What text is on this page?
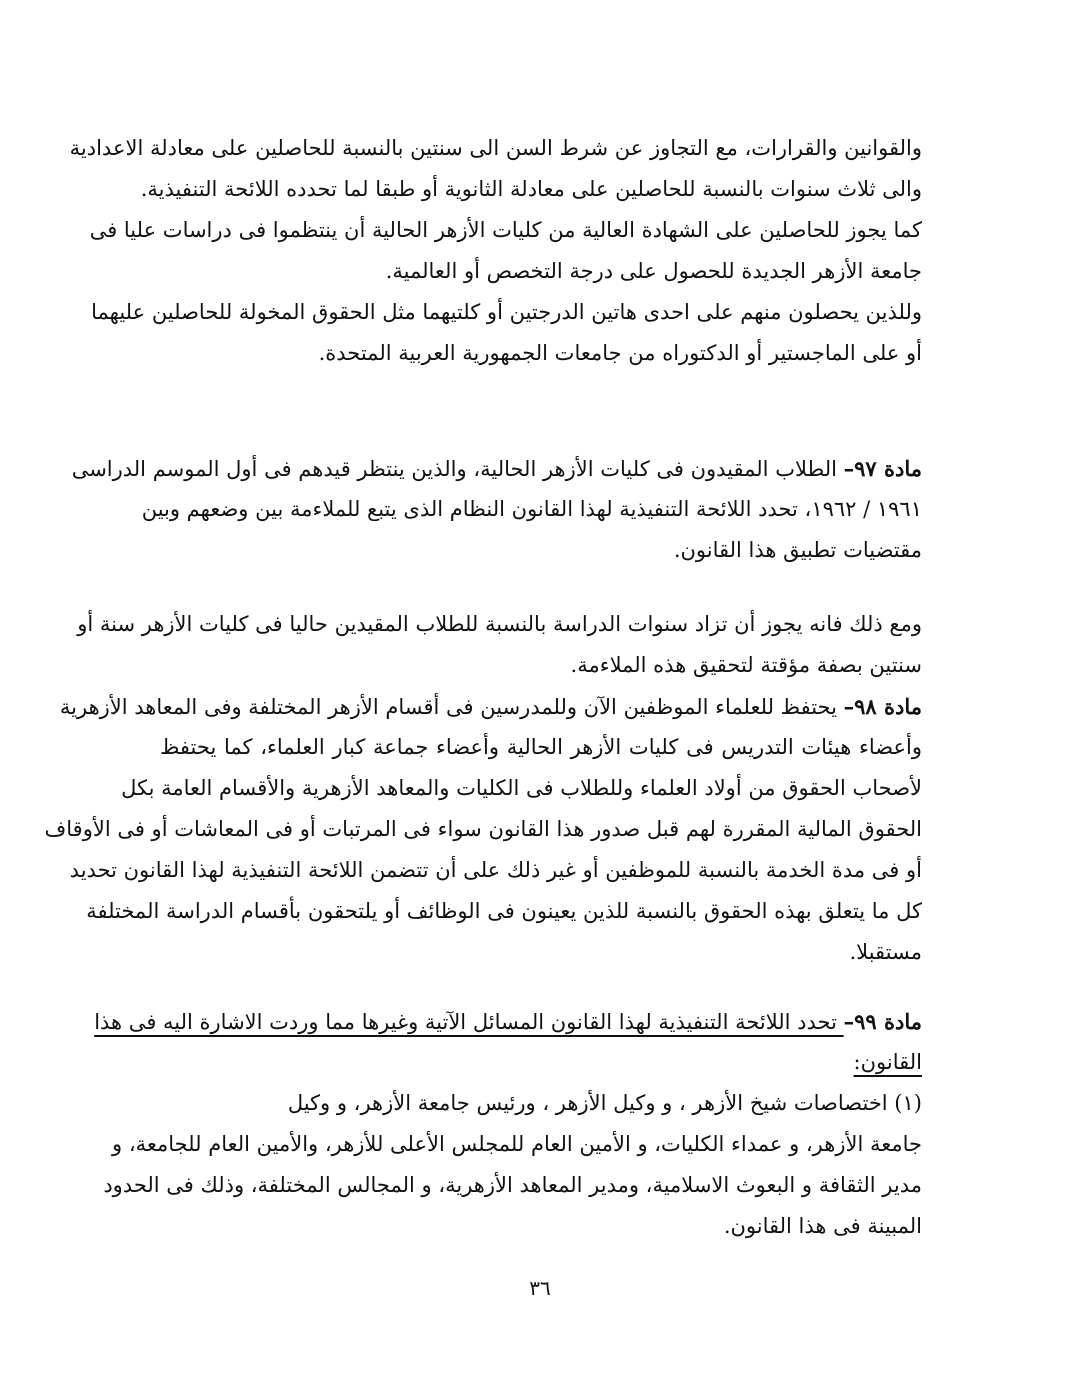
والقوانين والقرارات، مع التجاوز عن شرط السن الى سنتين بالنسبة للحاصلين على معادلة الاعدادية
والى ثلاث سنوات بالنسبة للحاصلين على معادلة الثانوية أو طبقا لما تحدده اللائحة التنفيذية.
كما يجوز للحاصلين على الشهادة العالية من كليات الأزهر الحالية أن ينتظموا فى دراسات عليا فى
جامعة الأزهر الجديدة للحصول على درجة التخصص أو العالمية.
وللذين يحصلون منهم على احدى هاتين الدرجتين أو كلتيهما مثل الحقوق المخولة للحاصلين عليهما
أو على الماجستير أو الدكتوراه من جامعات الجمهورية العربية المتحدة.
مادة ٩٧– الطلاب المقيدون فى كليات الأزهر الحالية، والذين ينتظر قيدهم فى أول الموسم الدراسى
١٩٦١ / ١٩٦٢، تحدد اللائحة التنفيذية لهذا القانون النظام الذى يتبع للملاءمة بين وضعهم وبين
مقتضيات تطبيق هذا القانون.
ومع ذلك فانه يجوز أن تزاد سنوات الدراسة بالنسبة للطلاب المقيدين حاليا فى كليات الأزهر سنة أو
سنتين بصفة مؤقتة لتحقيق هذه الملاءمة.
مادة ٩٨– يحتفظ للعلماء الموظفين الآن وللمدرسين فى أقسام الأزهر المختلفة وفى المعاهد الأزهرية
وأعضاء هيئات التدريس فى كليات الأزهر الحالية وأعضاء جماعة كبار العلماء، كما يحتفظ
لأصحاب الحقوق من أولاد العلماء وللطلاب فى الكليات والمعاهد الأزهرية والأقسام العامة بكل
الحقوق المالية المقررة لهم قبل صدور هذا القانون سواء فى المرتبات أو فى المعاشات أو فى الأوقاف
أو فى مدة الخدمة بالنسبة للموظفين أو غير ذلك على أن تتضمن اللائحة التنفيذية لهذا القانون تحديد
كل ما يتعلق بهذه الحقوق بالنسبة للذين يعينون فى الوظائف أو يلتحقون بأقسام الدراسة المختلفة
مستقبلا.
مادة ٩٩– تحدد اللائحة التنفيذية لهذا القانون المسائل الآتية وغيرها مما وردت الاشارة اليه فى هذا
القانون:
(١) اختصاصات شيخ الأزهر ، و وكيل الأزهر ، ورئيس جامعة الأزهر، و وكيل
جامعة الأزهر، و عمداء الكليات، و الأمين العام للمجلس الأعلى للأزهر، والأمين العام للجامعة، و
مدير الثقافة و البعوث الاسلامية، ومدير المعاهد الأزهرية، و المجالس المختلفة، وذلك فى الحدود
المبينة فى هذا القانون.
٣٦
